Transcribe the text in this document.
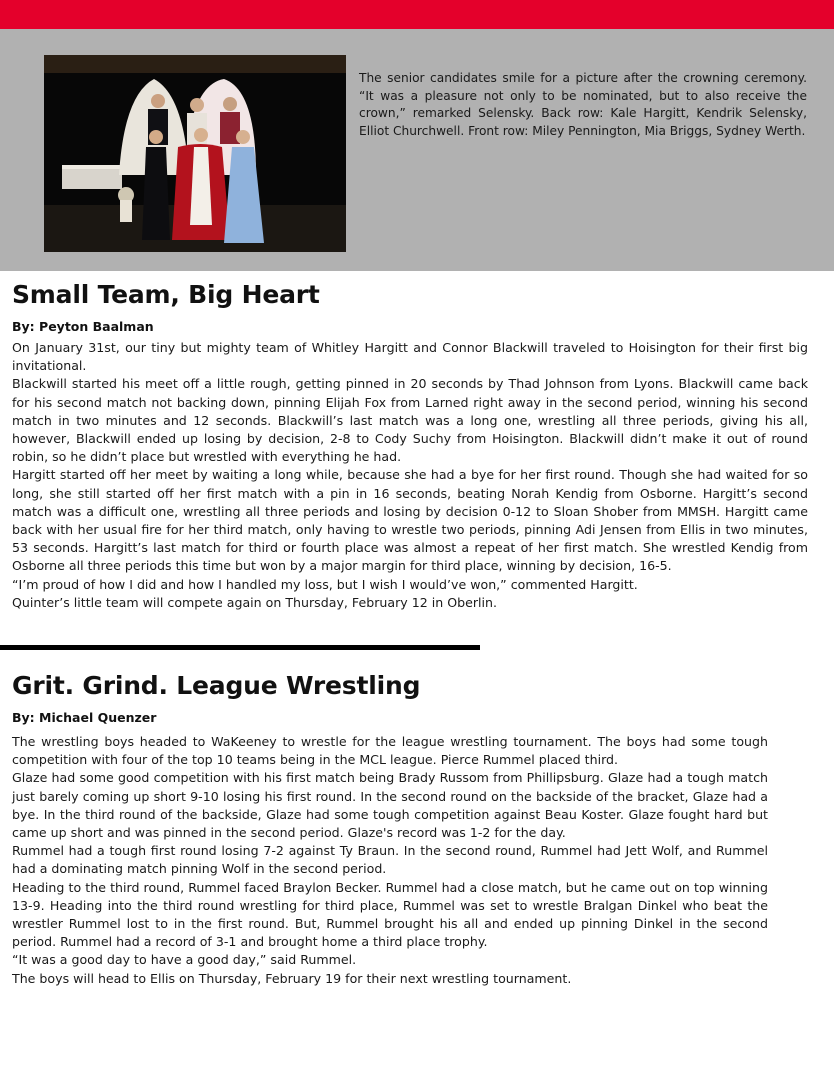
The senior candidates smile for a picture after the crowning ceremony. “It was a pleasure not only to be nominated, but to also receive the crown,” remarked Selensky. Back row: Kale Hargitt, Kendrik Selensky, Elliot Churchwell. Front row: Miley Pennington, Mia Briggs, Sydney Werth.
Small Team, Big Heart
By: Peyton Baalman

On January 31st, our tiny but mighty team of Whitley Hargitt and Connor Blackwill traveled to Hoisington for their first big invitational.

Blackwill started his meet off a little rough, getting pinned in 20 seconds by Thad Johnson from Lyons. Blackwill came back for his second match not backing down, pinning Elijah Fox from Larned right away in the second period, winning his second match in two minutes and 12 seconds. Blackwill’s last match was a long one, wrestling all three periods, giving his all, however, Blackwill ended up losing by decision, 2-8 to Cody Suchy from Hoisington. Blackwill didn’t make it out of round robin, so he didn’t place but wrestled with everything he had.

Hargitt started off her meet by waiting a long while, because she had a bye for her first round. Though she had waited for so long, she still started off her first match with a pin in 16 seconds, beating Norah Kendig from Osborne. Hargitt’s second match was a difficult one, wrestling all three periods and losing by decision 0-12 to Sloan Shober from MMSH. Hargitt came back with her usual fire for her third match, only having to wrestle two periods, pinning Adi Jensen from Ellis in two minutes, 53 seconds. Hargitt’s last match for third or fourth place was almost a repeat of her first match. She wrestled Kendig from Osborne all three periods this time but won by a major margin for third place, winning by decision, 16-5.

“I’m proud of how I did and how I handled my loss, but I wish I would’ve won,” commented Hargitt.

Quinter’s little team will compete again on Thursday, February 12 in Oberlin.

Grit. Grind. League Wrestling
By: Michael Quenzer

The wrestling boys headed to WaKeeney to wrestle for the league wrestling tournament. The boys had some tough competition with four of the top 10 teams being in the MCL league. Pierce Rummel placed third.

Glaze had some good competition with his first match being Brady Russom from Phillipsburg. Glaze had a tough match just barely coming up short 9-10 losing his first round. In the second round on the backside of the bracket, Glaze had a bye. In the third round of the backside, Glaze had some tough competition against Beau Koster. Glaze fought hard but came up short and was pinned in the second period. Glaze's record was 1-2 for the day.

Rummel had a tough first round losing 7-2 against Ty Braun. In the second round, Rummel had Jett Wolf, and Rummel had a dominating match pinning Wolf in the second period.

Heading to the third round, Rummel faced Braylon Becker. Rummel had a close match, but he came out on top winning 13-9. Heading into the third round wrestling for third place, Rummel was set to wrestle Bralgan Dinkel who beat the wrestler Rummel lost to in the first round. But, Rummel brought his all and ended up pinning Dinkel in the second period. Rummel had a record of 3-1 and brought home a third place trophy.

“It was a good day to have a good day,” said Rummel.

The boys will head to Ellis on Thursday, February 19 for their next wrestling tournament.
